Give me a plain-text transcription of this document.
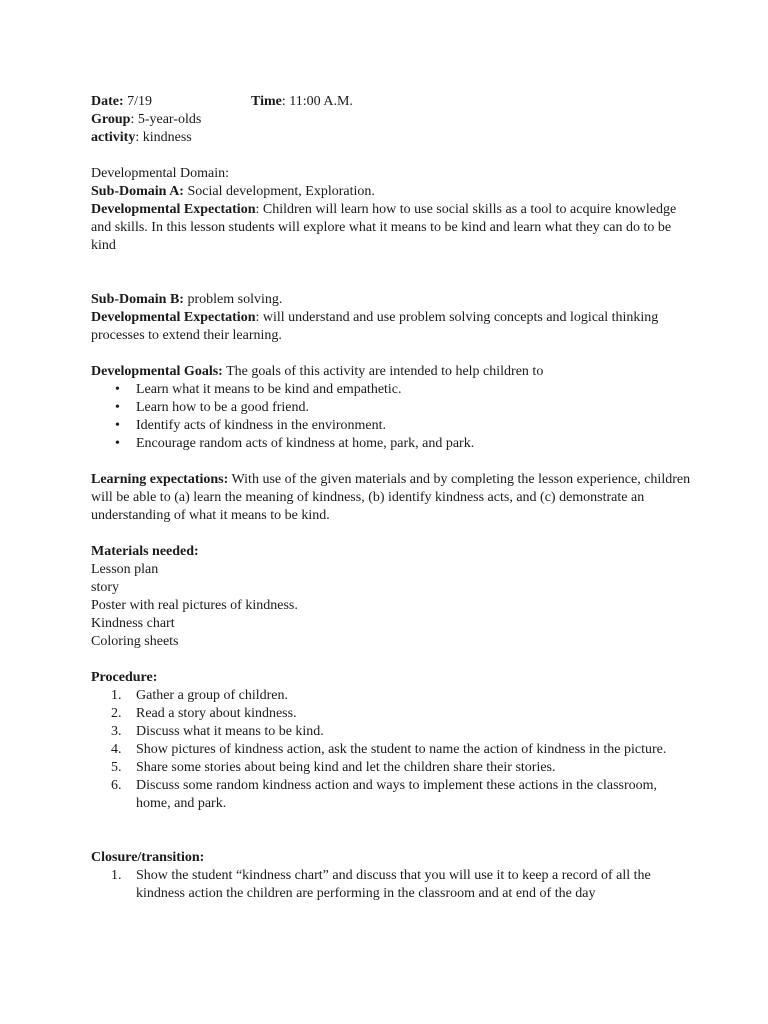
Date: 7/19	Time: 11:00 A.M.
Group: 5-year-olds
activity: kindness
Developmental Domain:
Sub-Domain A: Social development, Exploration.
Developmental Expectation: Children will learn how to use social skills as a tool to acquire knowledge and skills. In this lesson students will explore what it means to be kind and learn what they can do to be kind
Sub-Domain B: problem solving.
Developmental Expectation: will understand and use problem solving concepts and logical thinking processes to extend their learning.
Developmental Goals: The goals of this activity are intended to help children to
• Learn what it means to be kind and empathetic.
• Learn how to be a good friend.
• Identify acts of kindness in the environment.
• Encourage random acts of kindness at home, park, and park.
Learning expectations: With use of the given materials and by completing the lesson experience, children will be able to (a) learn the meaning of kindness, (b) identify kindness acts, and (c) demonstrate an understanding of what it means to be kind.
Materials needed:
Lesson plan
story
Poster with real pictures of kindness.
Kindness chart
Coloring sheets
Procedure:
1. Gather a group of children.
2. Read a story about kindness.
3. Discuss what it means to be kind.
4. Show pictures of kindness action, ask the student to name the action of kindness in the picture.
5. Share some stories about being kind and let the children share their stories.
6. Discuss some random kindness action and ways to implement these actions in the classroom, home, and park.
Closure/transition:
1. Show the student “kindness chart” and discuss that you will use it to keep a record of all the kindness action the children are performing in the classroom and at end of the day
